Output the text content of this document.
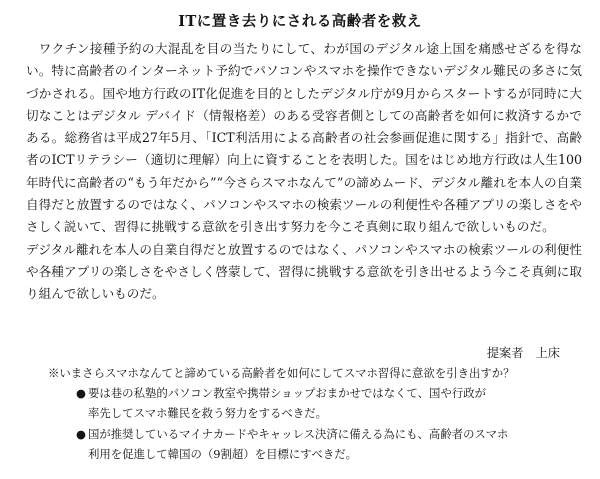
ITに置き去りにされる高齢者を救え

ワクチン接種予約の大混乱を目の当たりにして、わが国のデジタル途上国を痛感せざるを得ない。特に高齢者のインターネット予約でパソコンやスマホを操作できないデジタル難民の多さに気づかされる。国や地方行政のIT化促進を目的としたデジタル庁が9月からスタートするが同時に大切なことはデジタル デバイド（情報格差）のある受容者側としての高齢者を如何に救済するかである。総務省は平成27年5月、「ICT利活用による高齢者の社会参画促進に関する」指針で、高齢者のICTリテラシー（適切に理解）向上に資することを表明した。国をはじめ地方行政は人生100年時代に高齢者の“もう年だから”“今さらスマホなんて”の諦めムード、デジタル離れを本人の自業自得だと放置するのではなく、パソコンやスマホの検索ツールの利便性や各種アプリの楽しさをやさしく説いて、習得に挑戦する意欲を引き出す努力を今こそ真剣に取り組んで欲しいものだ。

デジタル離れを本人の自業自得だと放置するのではなく、パソコンやスマホの検索ツールの利便性や各種アプリの楽しさをやさしく啓蒙して、習得に挑戦する意欲を引き出せるよう今こそ真剣に取り組んで欲しいものだ。

提案者　上床
※いまさらスマホなんてと諦めている高齢者を如何にしてスマホ習得に意欲を引き出すか？
● 要は巷の私塾的パソコン教室や携帯ショップおまかせではなくて、国や行政が
率先してスマホ難民を救う努力をするべきだ。
● 国が推奨しているマイナカードやキャッレス決済に備える為にも、高齢者のスマホ
利用を促進して韓国の（9割超）を目標にすべきだ。
